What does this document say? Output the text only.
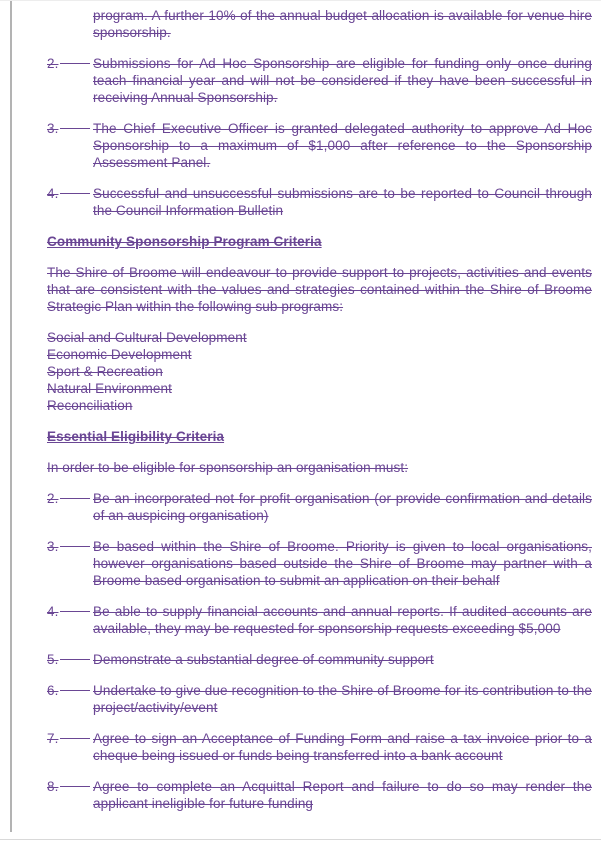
program. A further 10% of the annual budget allocation is available for venue hire sponsorship.
2.	Submissions for Ad Hoc Sponsorship are eligible for funding only once during teach financial year and will not be considered if they have been successful in receiving Annual Sponsorship.
3.	The Chief Executive Officer is granted delegated authority to approve Ad Hoc Sponsorship to a maximum of $1,000 after reference to the Sponsorship Assessment Panel.
4.	Successful and unsuccessful submissions are to be reported to Council through the Council Information Bulletin
Community Sponsorship Program Criteria
The Shire of Broome will endeavour to provide support to projects, activities and events that are consistent with the values and strategies contained within the Shire of Broome Strategic Plan within the following sub programs:
Social and Cultural Development
Economic Development
Sport & Recreation
Natural Environment
Reconciliation
Essential Eligibility Criteria
In order to be eligible for sponsorship an organisation must:
2.	Be an incorporated not for profit organisation (or provide confirmation and details of an auspicing organisation)
3.	Be based within the Shire of Broome. Priority is given to local organisations, however organisations based outside the Shire of Broome may partner with a Broome based organisation to submit an application on their behalf
4.	Be able to supply financial accounts and annual reports. If audited accounts are available, they may be requested for sponsorship requests exceeding $5,000
5.	Demonstrate a substantial degree of community support
6.	Undertake to give due recognition to the Shire of Broome for its contribution to the project/activity/event
7.	Agree to sign an Acceptance of Funding Form and raise a tax invoice prior to a cheque being issued or funds being transferred into a bank account
8.	Agree to complete an Acquittal Report and failure to do so may render the applicant ineligible for future funding
